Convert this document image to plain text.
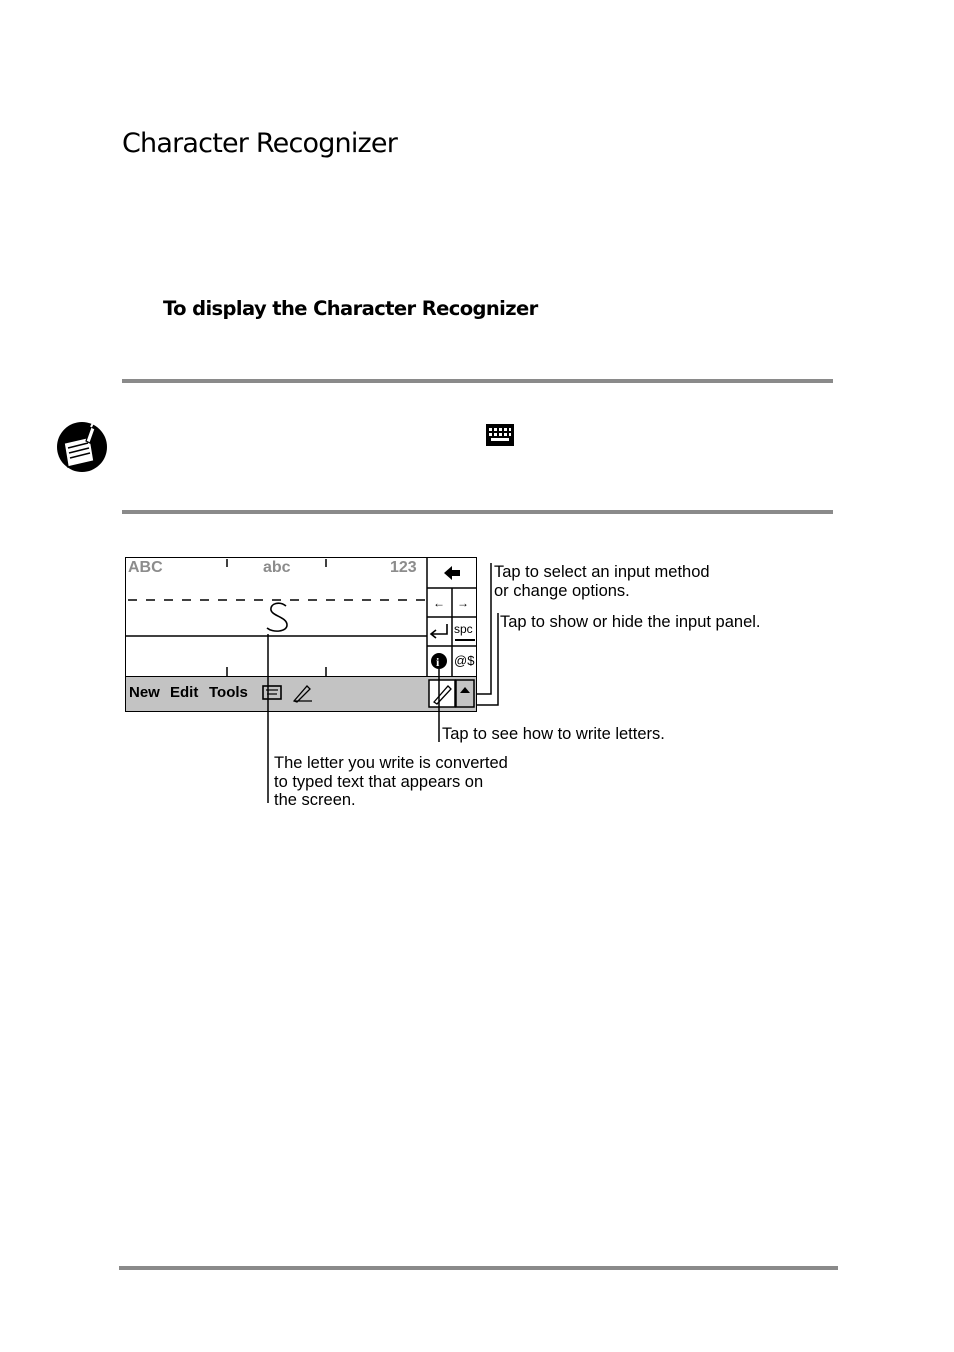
Character Recognizer
To display the Character Recognizer
ABC	abc	123
New Edit Tools
← →
spc
i @$
Tap to select an input method
or change options.
Tap to show or hide the input panel.
Tap to see how to write letters.
The letter you write is converted
to typed text that appears on
the screen.
